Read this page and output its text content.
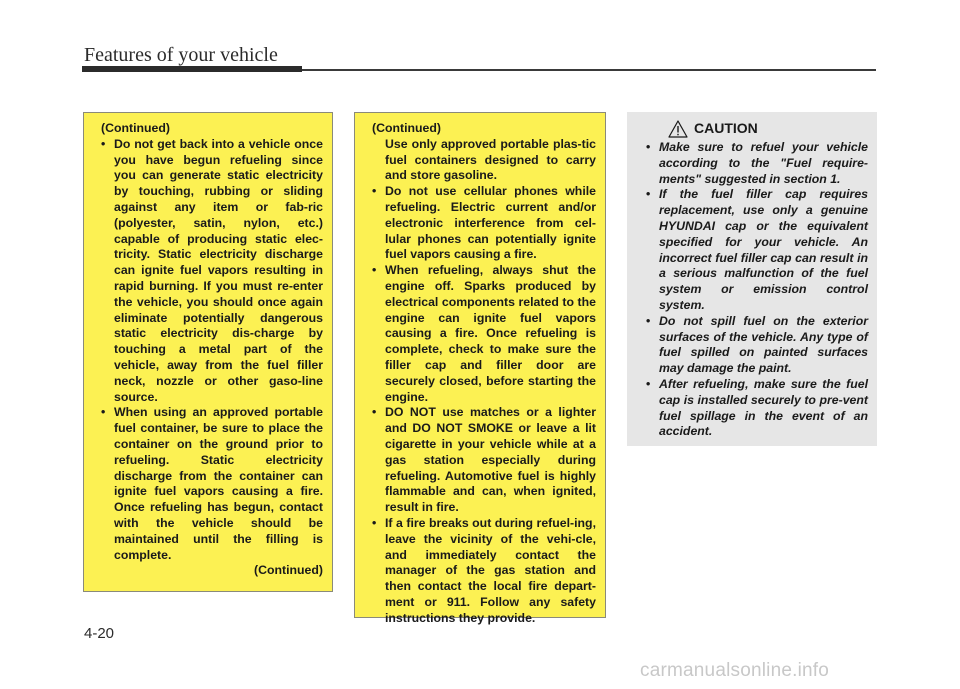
Features of your vehicle
(Continued)
• Do not get back into a vehicle once you have begun refueling since you can generate static electricity by touching, rubbing or sliding against any item or fab-ric (polyester, satin, nylon, etc.) capable of producing static elec-tricity. Static electricity discharge can ignite fuel vapors resulting in rapid burning. If you must re-enter the vehicle, you should once again eliminate potentially dangerous static electricity dis-charge by touching a metal part of the vehicle, away from the fuel filler neck, nozzle or other gaso-line source.
• When using an approved portable fuel container, be sure to place the container on the ground prior to refueling. Static electricity discharge from the container can ignite fuel vapors causing a fire. Once refueling has begun, contact with the vehicle should be maintained until the filling is complete.
(Continued)
(Continued)
Use only approved portable plas-tic fuel containers designed to carry and store gasoline.
• Do not use cellular phones while refueling. Electric current and/or electronic interference from cel-lular phones can potentially ignite fuel vapors causing a fire.
• When refueling, always shut the engine off. Sparks produced by electrical components related to the engine can ignite fuel vapors causing a fire. Once refueling is complete, check to make sure the filler cap and filler door are securely closed, before starting the engine.
• DO NOT use matches or a lighter and DO NOT SMOKE or leave a lit cigarette in your vehicle while at a gas station especially during refueling. Automotive fuel is highly flammable and can, when ignited, result in fire.
• If a fire breaks out during refuel-ing, leave the vicinity of the vehi-cle, and immediately contact the manager of the gas station and then contact the local fire depart-ment or 911. Follow any safety instructions they provide.
CAUTION
• Make sure to refuel your vehicle according to the "Fuel require-ments" suggested in section 1.
• If the fuel filler cap requires replacement, use only a genuine HYUNDAI cap or the equivalent specified for your vehicle. An incorrect fuel filler cap can result in a serious malfunction of the fuel system or emission control system.
• Do not spill fuel on the exterior surfaces of the vehicle. Any type of fuel spilled on painted surfaces may damage the paint.
• After refueling, make sure the fuel cap is installed securely to pre-vent fuel spillage in the event of an accident.
4-20
carmanualsonline.info
